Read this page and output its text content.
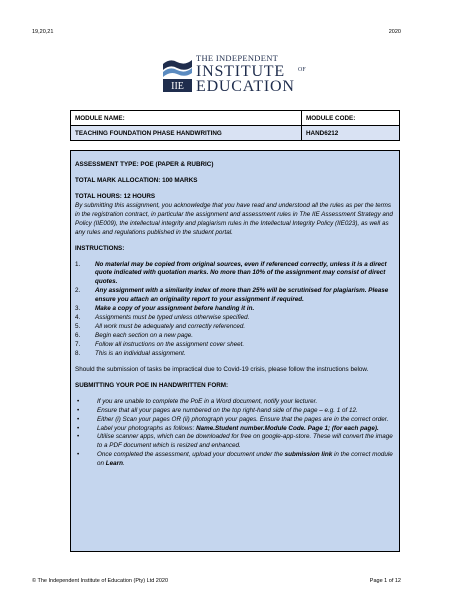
19,20,21	2020
IIE
THE INDEPENDENT
INSTITUTE OF
EDUCATION
MODULE NAME:	MODULE CODE:
TEACHING FOUNDATION PHASE HANDWRITING	HAND6212

ASSESSMENT TYPE: POE (PAPER & RUBRIC)

TOTAL MARK ALLOCATION: 100 MARKS

TOTAL HOURS: 12 HOURS

By submitting this assignment, you acknowledge that you have read and understood all the rules as per the terms in the registration contract, in particular the assignment and assessment rules in The IIE Assessment Strategy and Policy (IIE009), the intellectual integrity and plagiarism rules in the Intellectual Integrity Policy (IIE023), as well as any rules and regulations published in the student portal.

INSTRUCTIONS:

1.	No material may be copied from original sources, even if referenced correctly, unless it is a direct quote indicated with quotation marks. No more than 10% of the assignment may consist of direct quotes.
2.	Any assignment with a similarity index of more than 25% will be scrutinised for plagiarism. Please ensure you attach an originality report to your assignment if required.
3.	Make a copy of your assignment before handing it in.
4.	Assignments must be typed unless otherwise specified.
5.	All work must be adequately and correctly referenced.
6.	Begin each section on a new page.
7.	Follow all instructions on the assignment cover sheet.
8.	This is an individual assignment.

Should the submission of tasks be impractical due to Covid-19 crisis, please follow the instructions below.

SUBMITTING YOUR POE IN HANDWRITTEN FORM:

•	If you are unable to complete the PoE in a Word document, notify your lecturer.
•	Ensure that all your pages are numbered on the top right-hand side of the page – e.g. 1 of 12.
•	Either (i) Scan your pages OR (ii) photograph your pages. Ensure that the pages are in the correct order.
•	Label your photographs as follows: Name.Student number.Module Code. Page 1; (for each page).
•	Utilise scanner apps, which can be downloaded for free on google-app-store. These will convert the image to a PDF document which is resized and enhanced.
•	Once completed the assessment, upload your document under the submission link in the correct module on Learn.
© The Independent Institute of Education (Pty) Ltd 2020	Page 1 of 12
